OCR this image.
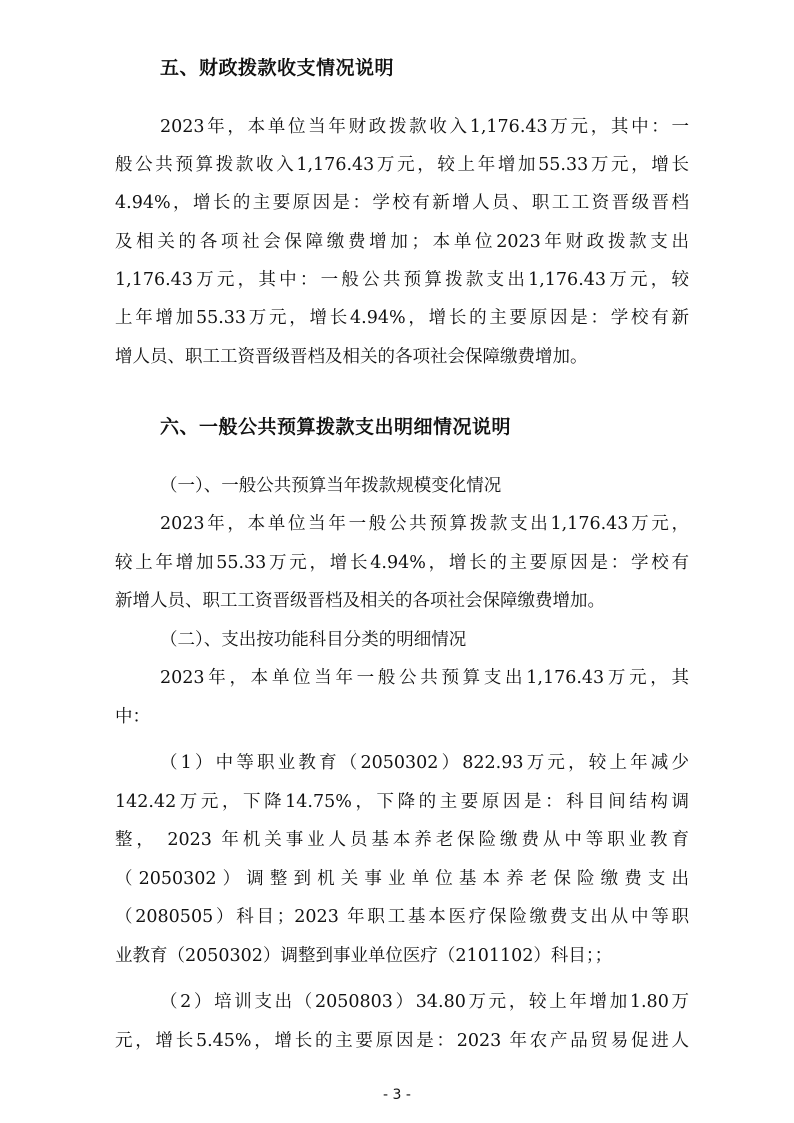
五、财政拨款收支情况说明
2023年，本单位当年财政拨款收入1,176.43万元，其中：一
般公共预算拨款收入1,176.43万元，较上年增加55.33万元，增长
4.94%，增长的主要原因是：学校有新增人员、职工工资晋级晋档
及相关的各项社会保障缴费增加；本单位2023年财政拨款支出
1,176.43万元，其中：一般公共预算拨款支出1,176.43万元，较
上年增加55.33万元，增长4.94%，增长的主要原因是：学校有新
增人员、职工工资晋级晋档及相关的各项社会保障缴费增加。
六、一般公共预算拨款支出明细情况说明
（一）、一般公共预算当年拨款规模变化情况
2023年，本单位当年一般公共预算拨款支出1,176.43万元，
较上年增加55.33万元，增长4.94%，增长的主要原因是：学校有
新增人员、职工工资晋级晋档及相关的各项社会保障缴费增加。
（二）、支出按功能科目分类的明细情况
2023年，本单位当年一般公共预算支出1,176.43万元，其
中：
（1）中等职业教育（2050302）822.93万元，较上年减少
142.42万元，下降14.75%，下降的主要原因是：科目间结构调
整， 2023 年机关事业人员基本养老保险缴费从中等职业教育
（2050302）调整到机关事业单位基本养老保险缴费支出
（2080505）科目；2023 年职工基本医疗保险缴费支出从中等职
业教育（2050302）调整到事业单位医疗（2101102）科目；；
（2）培训支出（2050803）34.80万元，较上年增加1.80万
元，增长5.45%，增长的主要原因是：2023 年农产品贸易促进人
- 3 -
